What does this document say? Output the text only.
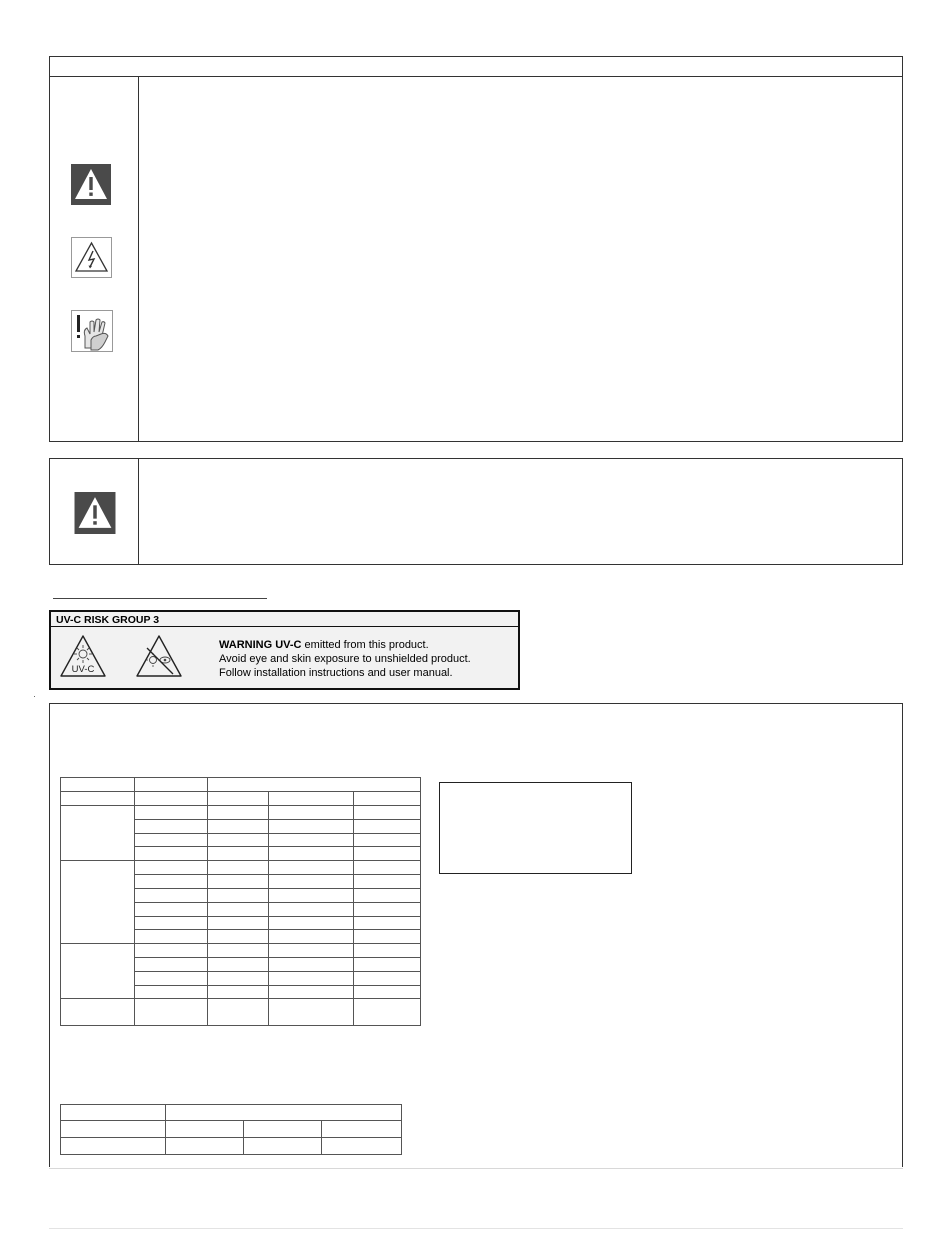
UV-C RISK GROUP 3
UV-C
WARNING UV-C emitted from this product.
Avoid eye and skin exposure to unshielded product.
Follow installation instructions and user manual.
